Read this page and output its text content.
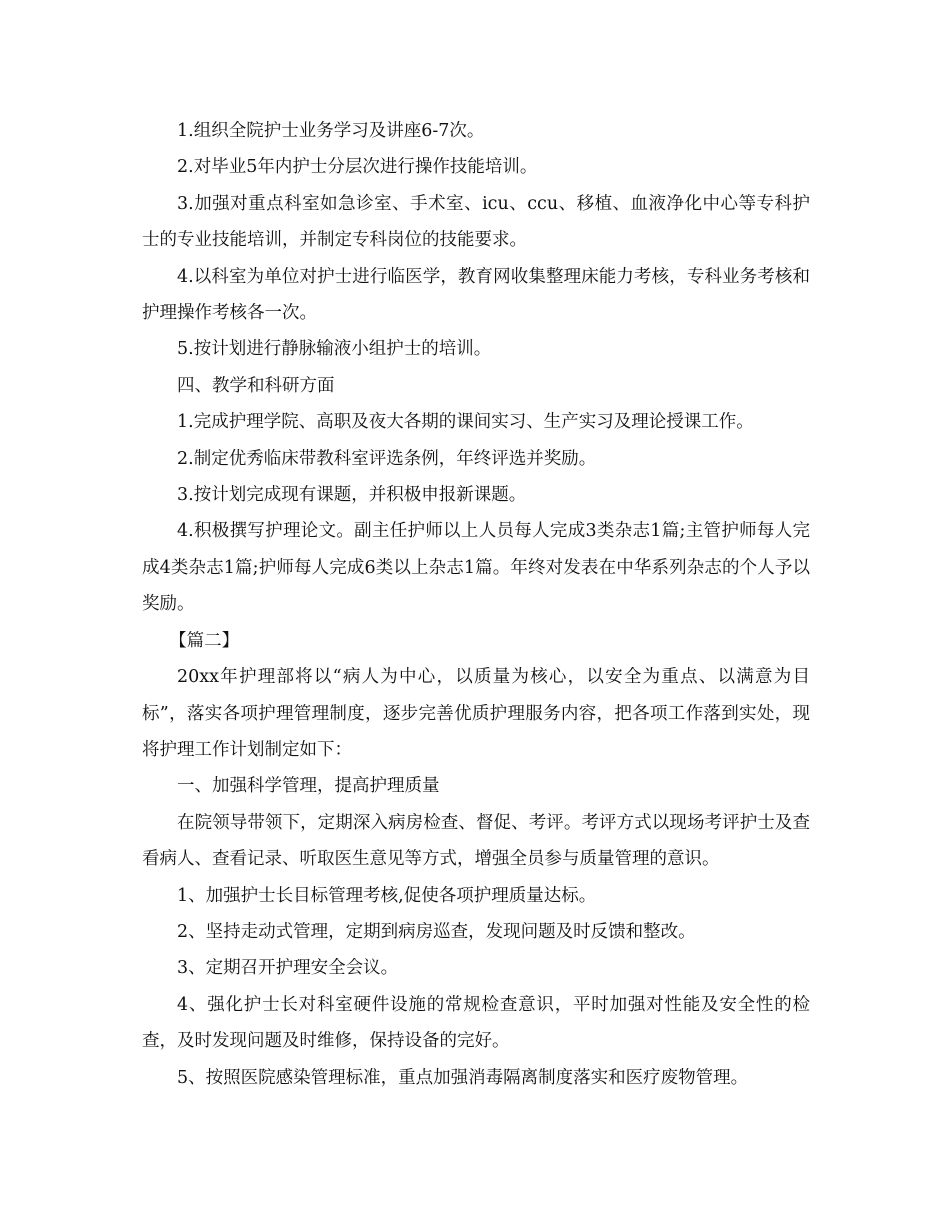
1.组织全院护士业务学习及讲座6-7次。

2.对毕业5年内护士分层次进行操作技能培训。

3.加强对重点科室如急诊室、手术室、icu、ccu、移植、血液净化中心等专科护士的专业技能培训，并制定专科岗位的技能要求。

4.以科室为单位对护士进行临医学，教育网收集整理床能力考核，专科业务考核和护理操作考核各一次。

5.按计划进行静脉输液小组护士的培训。

四、教学和科研方面

1.完成护理学院、高职及夜大各期的课间实习、生产实习及理论授课工作。

2.制定优秀临床带教科室评选条例，年终评选并奖励。

3.按计划完成现有课题，并积极申报新课题。

4.积极撰写护理论文。副主任护师以上人员每人完成3类杂志1篇;主管护师每人完成4类杂志1篇;护师每人完成6类以上杂志1篇。年终对发表在中华系列杂志的个人予以奖励。

【篇二】

20xx年护理部将以“病人为中心，以质量为核心，以安全为重点、以满意为目标”，落实各项护理管理制度，逐步完善优质护理服务内容，把各项工作落到实处，现将护理工作计划制定如下：

一、加强科学管理，提高护理质量

在院领导带领下，定期深入病房检查、督促、考评。考评方式以现场考评护士及查看病人、查看记录、听取医生意见等方式，增强全员参与质量管理的意识。

1、加强护士长目标管理考核,促使各项护理质量达标。

2、坚持走动式管理，定期到病房巡查，发现问题及时反馈和整改。

3、定期召开护理安全会议。

4、强化护士长对科室硬件设施的常规检查意识，平时加强对性能及安全性的检查，及时发现问题及时维修，保持设备的完好。

5、按照医院感染管理标准，重点加强消毒隔离制度落实和医疗废物管理。
